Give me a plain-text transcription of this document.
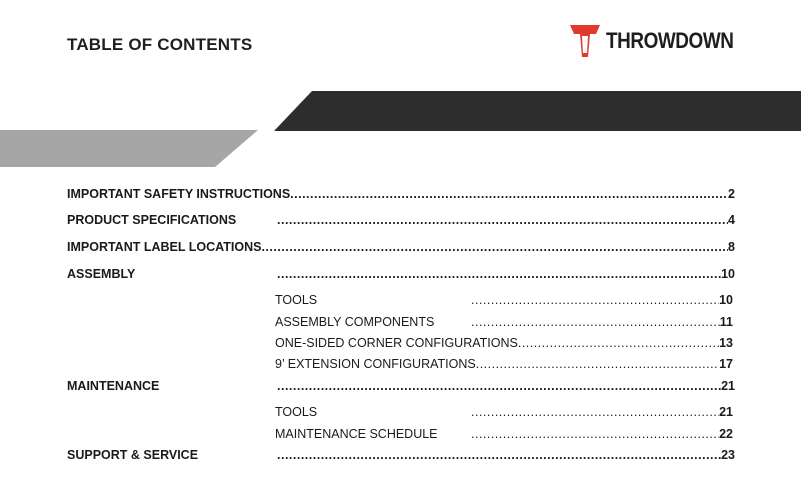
TABLE OF CONTENTS	THROWDOWN
IMPORTANT SAFETY INSTRUCTIONS .....	2
PRODUCT SPECIFICATIONS .....	4
IMPORTANT LABEL LOCATIONS .....	8
ASSEMBLY .....	10
TOOLS .....	10
ASSEMBLY COMPONENTS .....	11
ONE-SIDED CORNER CONFIGURATIONS .....	13
9’ EXTENSION CONFIGURATIONS .....	17
MAINTENANCE .....	21
TOOLS .....	21
MAINTENANCE SCHEDULE .....	22
SUPPORT & SERVICE .....	23
